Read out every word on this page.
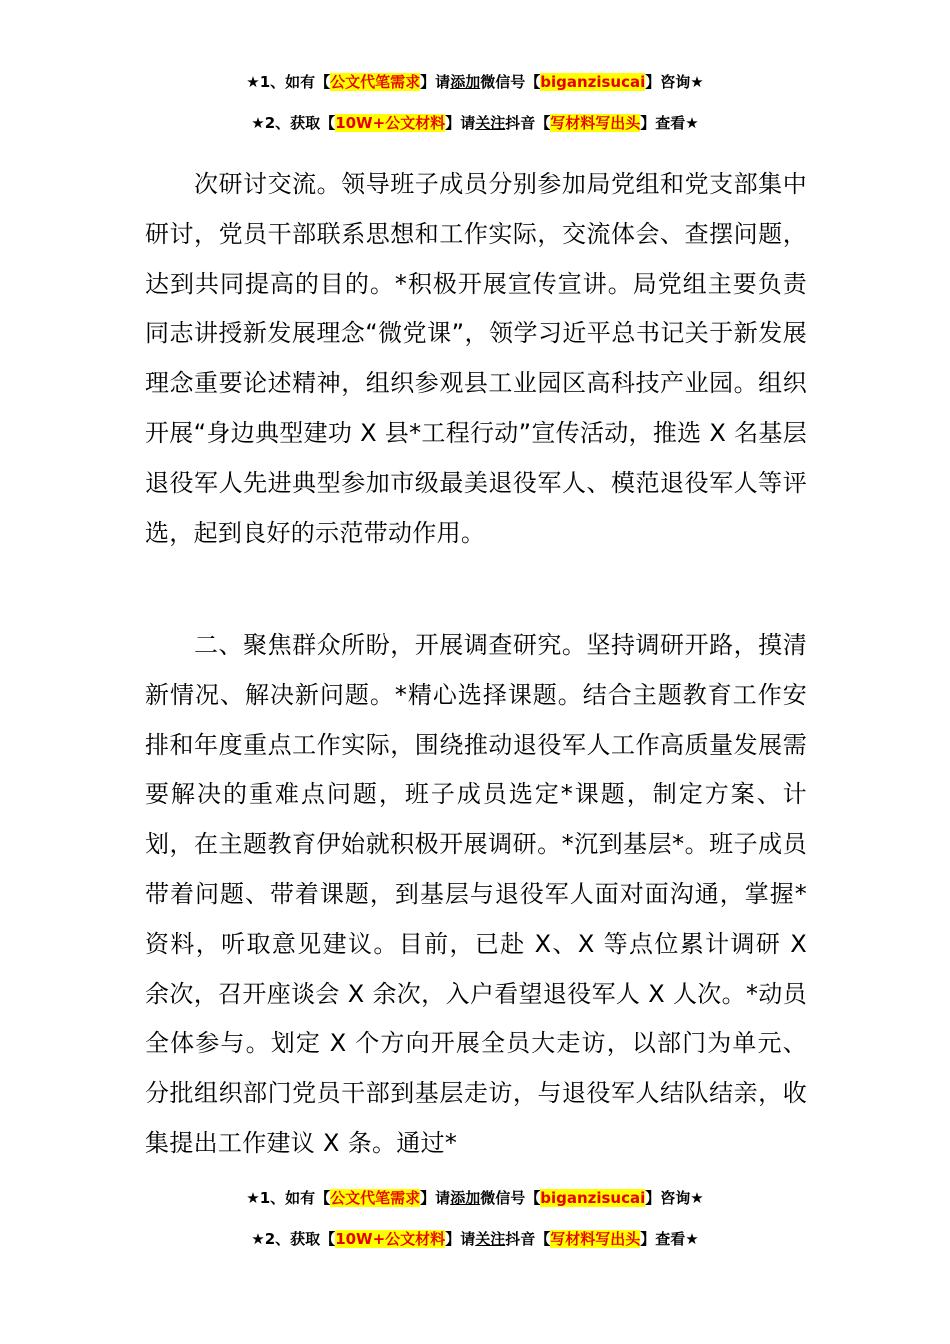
★1、如有【公文代笔需求】请添加微信号【biganzisucai】咨询★
★2、获取【10W+公文材料】请关注抖音【写材料写出头】查看★

次研讨交流。领导班子成员分别参加局党组和党支部集中研讨，党员干部联系思想和工作实际，交流体会、查摆问题，达到共同提高的目的。*积极开展宣传宣讲。局党组主要负责同志讲授新发展理念“微党课”，领学习近平总书记关于新发展理念重要论述精神，组织参观县工业园区高科技产业园。组织开展“身边典型建功 X 县*工程行动”宣传活动，推选 X 名基层退役军人先进典型参加市级最美退役军人、模范退役军人等评选，起到良好的示范带动作用。

二、聚焦群众所盼，开展调查研究。坚持调研开路，摸清新情况、解决新问题。*精心选择课题。结合主题教育工作安排和年度重点工作实际，围绕推动退役军人工作高质量发展需要解决的重难点问题，班子成员选定*课题，制定方案、计划，在主题教育伊始就积极开展调研。*沉到基层*。班子成员带着问题、带着课题，到基层与退役军人面对面沟通，掌握*资料，听取意见建议。目前，已赴 X、X 等点位累计调研 X 余次，召开座谈会 X 余次，入户看望退役军人 X 人次。*动员全体参与。划定 X 个方向开展全员大走访，以部门为单元、分批组织部门党员干部到基层走访，与退役军人结队结亲，收集提出工作建议 X 条。通过*

★1、如有【公文代笔需求】请添加微信号【biganzisucai】咨询★
★2、获取【10W+公文材料】请关注抖音【写材料写出头】查看★
